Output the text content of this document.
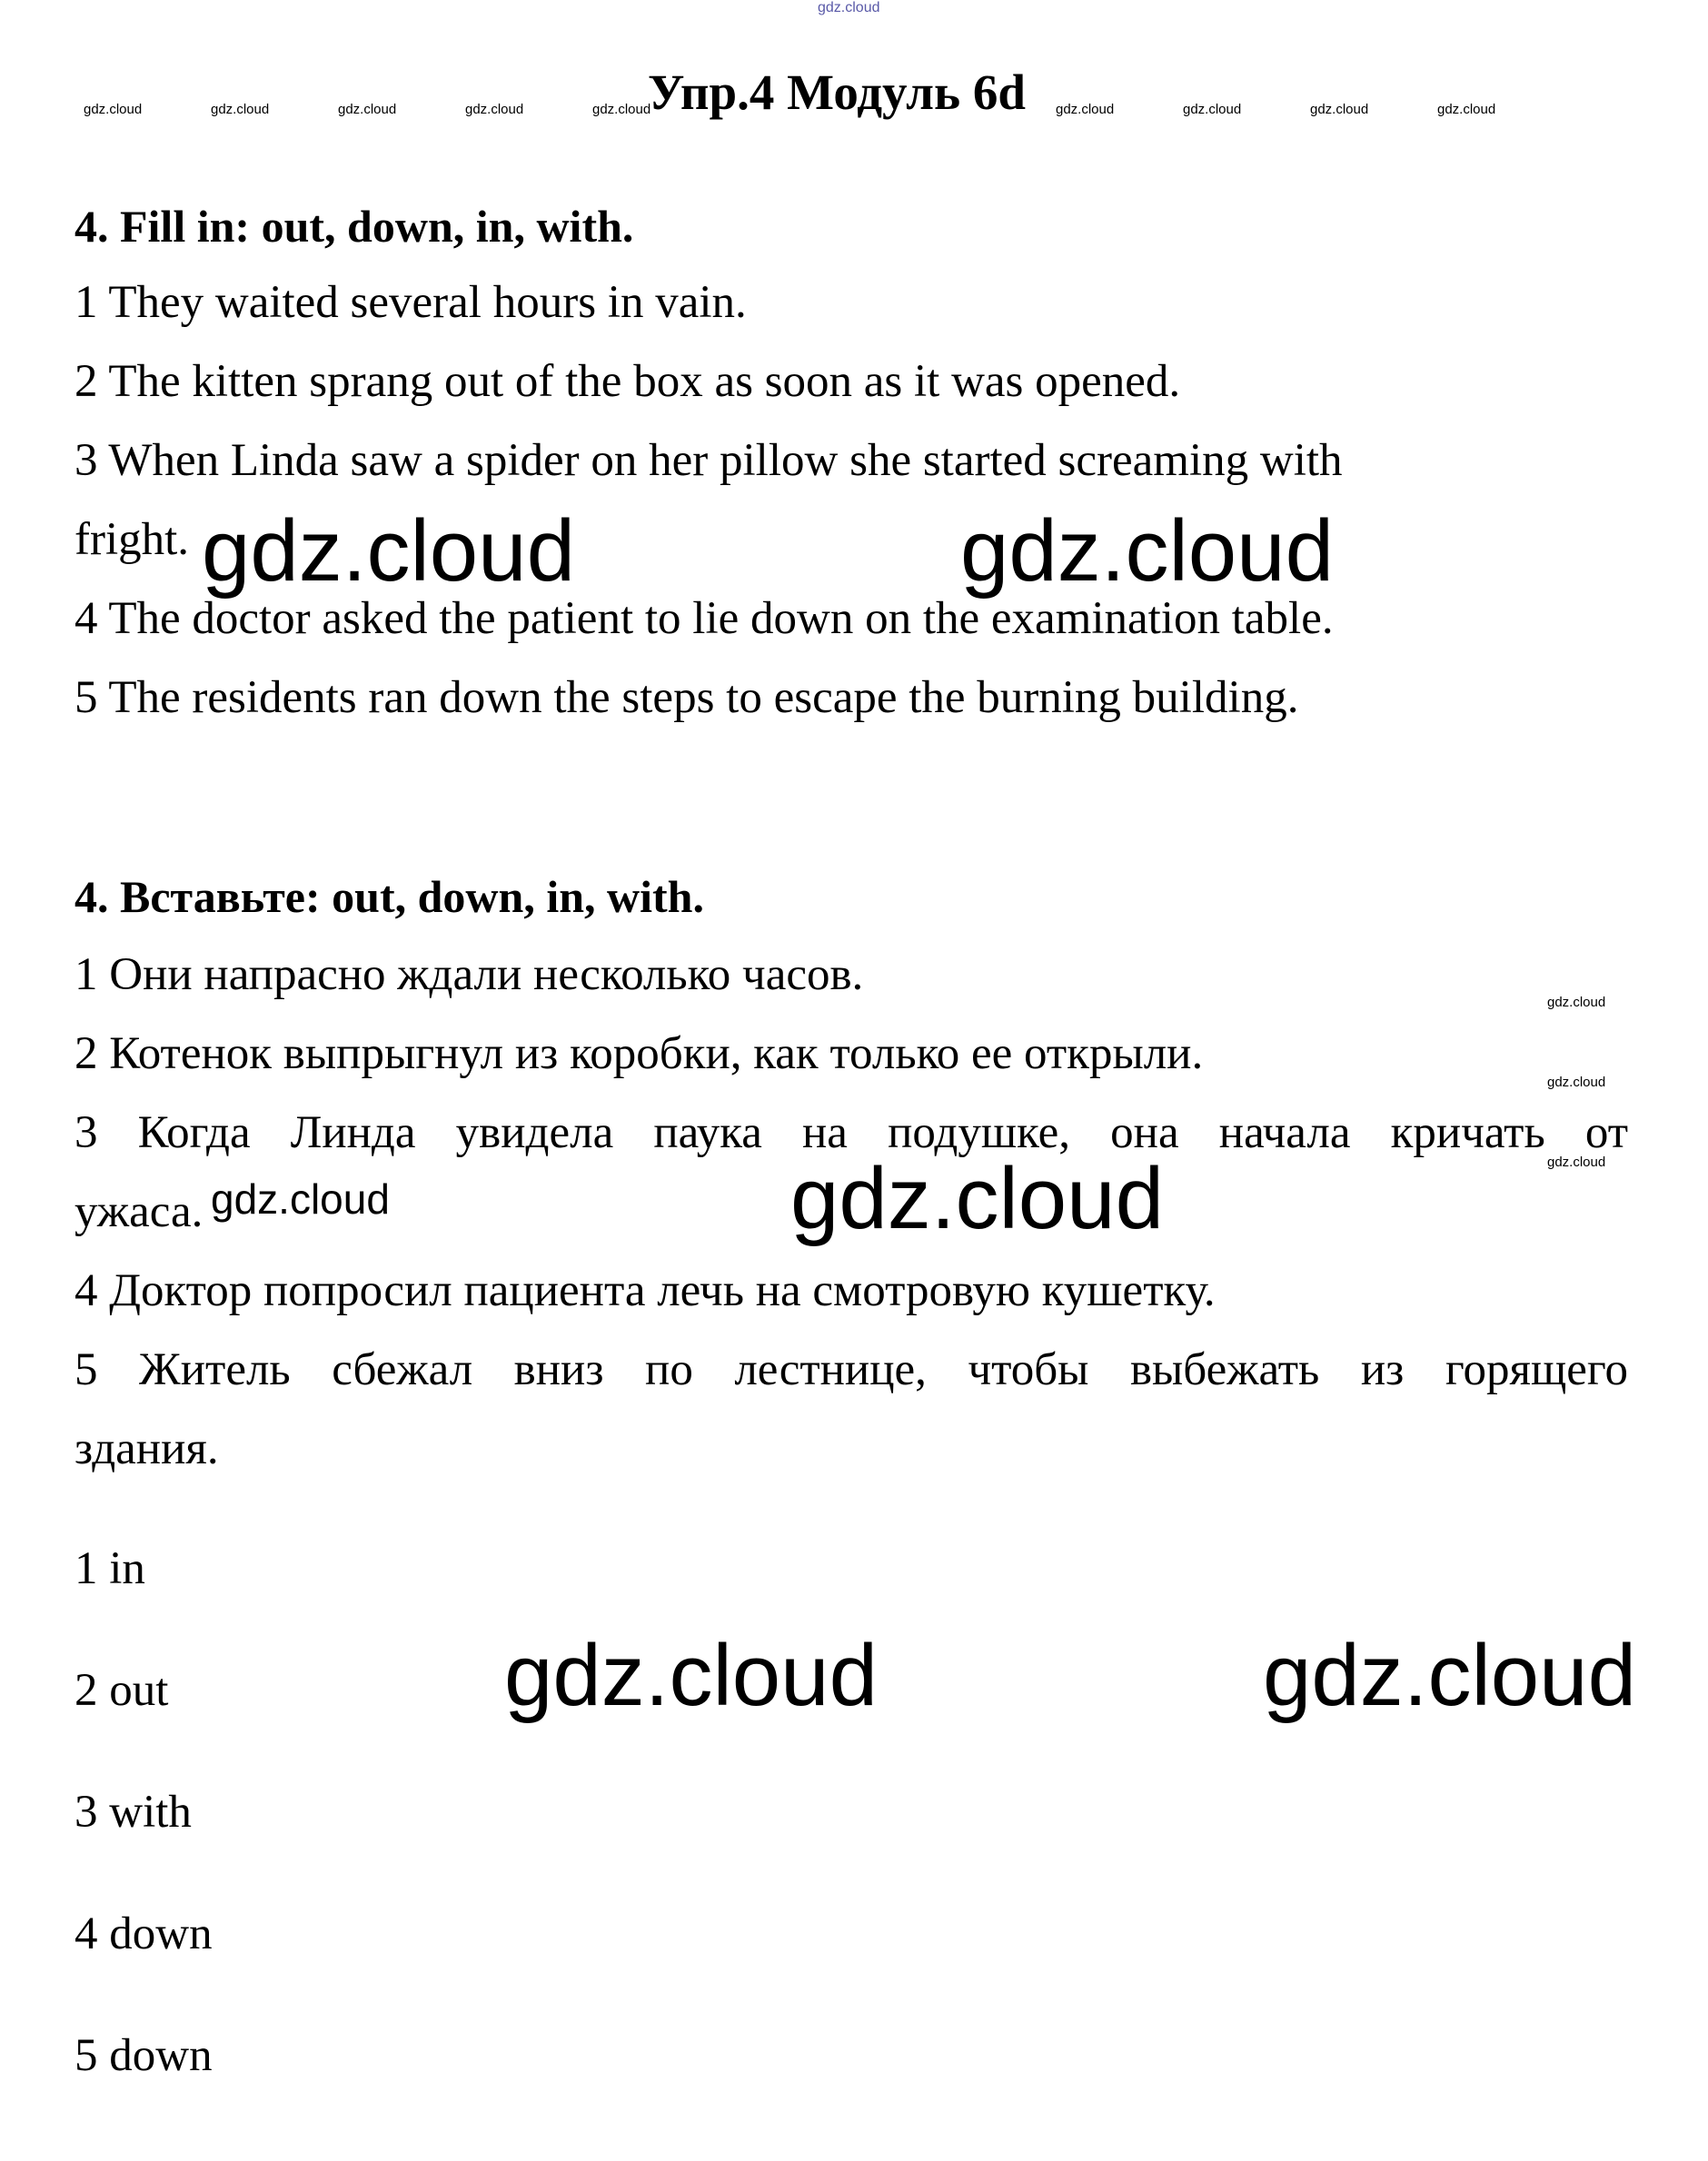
gdz.cloud
gdz.cloud	gdz.cloud	gdz.cloud	gdz.cloud	gdz.cloud	gdz.cloud	gdz.cloud	gdz.cloud	gdz.cloud
Упр.4 Модуль 6d
4. Fill in: out, down, in, with.
1 They waited several hours in vain.
2 The kitten sprang out of the box as soon as it was opened.
3 When Linda saw a spider on her pillow she started screaming with
fright.
4 The doctor asked the patient to lie down on the examination table.
5 The residents ran down the steps to escape the burning building.
gdz.cloud	gdz.cloud
4. Вставьте: out, down, in, with.
1 Они напрасно ждали несколько часов.
2 Котенок выпрыгнул из коробки, как только ее открыли.
3 Когда Линда увидела паука на подушке, она начала кричать от
ужаса.
4 Доктор попросил пациента лечь на смотровую кушетку.
5 Житель сбежал вниз по лестнице, чтобы выбежать из горящего
здания.
gdz.cloud
gdz.cloud
gdz.cloud
gdz.cloud	gdz.cloud
1 in
2 out
3 with
4 down
5 down
gdz.cloud	gdz.cloud
